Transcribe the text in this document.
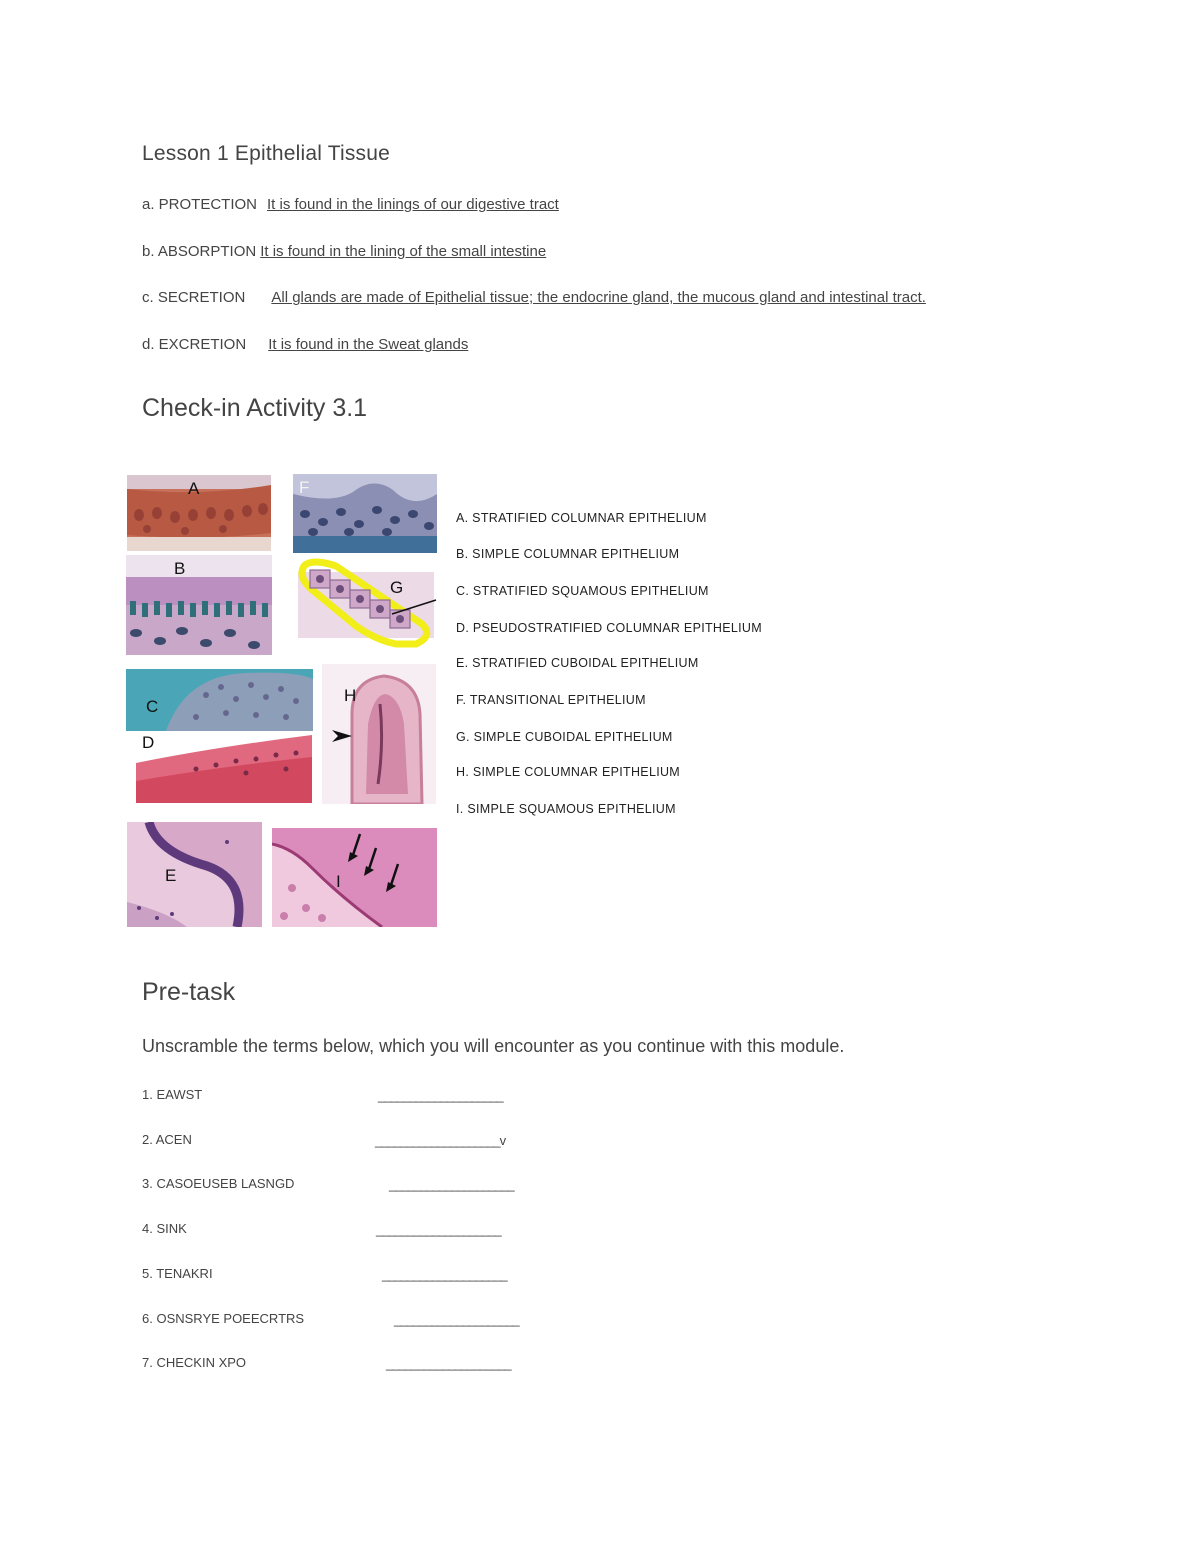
Lesson 1 Epithelial Tissue
a. PROTECTION It is found in the linings of our digestive tract
b. ABSORPTION It is found in the lining of the small intestine
c. SECRETION All glands are made of Epithelial tissue; the endocrine gland, the mucous gland and intestinal tract.
d. EXCRETION It is found in the Sweat glands
Check-in Activity 3.1
A
B
C
D
E
F
G
H
I
A. STRATIFIED COLUMNAR EPITHELIUM
B. SIMPLE COLUMNAR EPITHELIUM
C. STRATIFIED SQUAMOUS EPITHELIUM
D. PSEUDOSTRATIFIED COLUMNAR EPITHELIUM
E. STRATIFIED CUBOIDAL EPITHELIUM
F. TRANSITIONAL EPITHELIUM
G. SIMPLE CUBOIDAL EPITHELIUM
H. SIMPLE COLUMNAR EPITHELIUM
I. SIMPLE SQUAMOUS EPITHELIUM
Pre-task
Unscramble the terms below, which you will encounter as you continue with this module.
1. EAWST	____________________
2. ACEN	____________________v
3. CASOEUSEB LASNGD	____________________
4. SINK	____________________
5. TENAKRI	____________________
6. OSNSRYE POEECRTRS	____________________
7. CHECKIN XPO	____________________
